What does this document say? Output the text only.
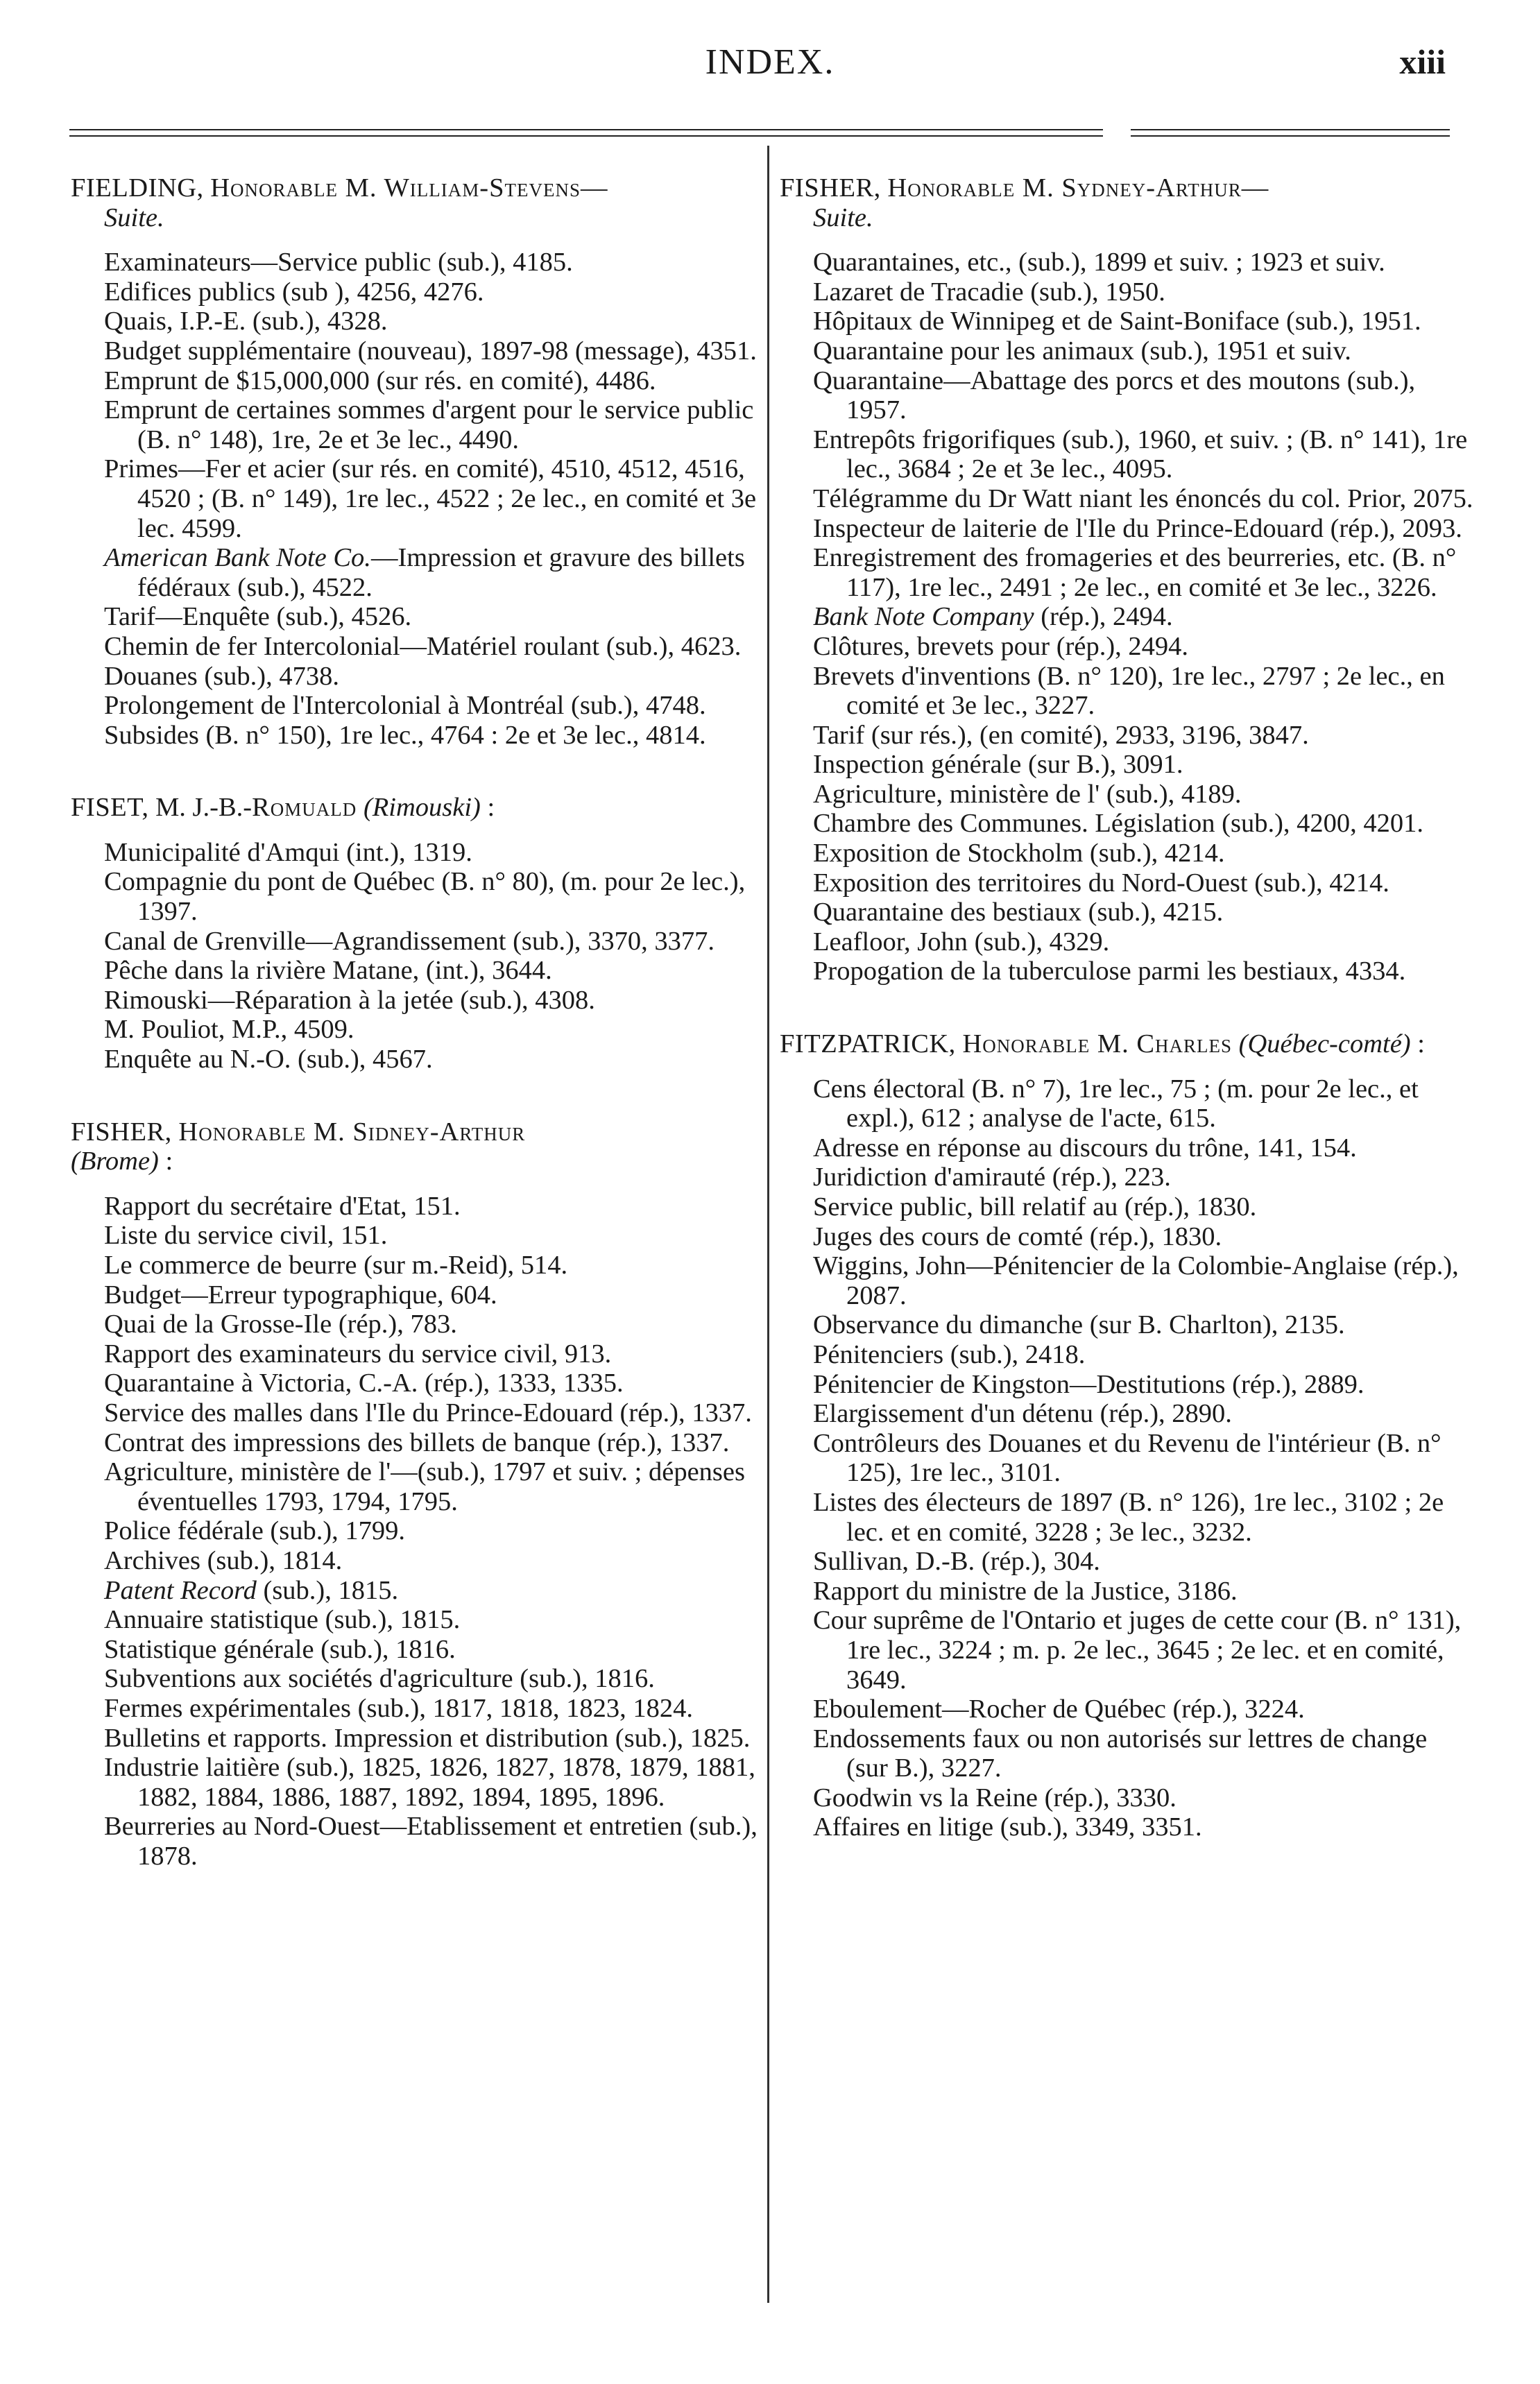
INDEX.	xiii

FIELDING, Honorable M. William-Stevens—
Suite.

Examinateurs—Service public (sub.), 4185.

Edifices publics (sub ), 4256, 4276.

Quais, I.P.-E. (sub.), 4328.

Budget supplémentaire (nouveau), 1897-98 (message), 4351.

Emprunt de $15,000,000 (sur rés. en comité), 4486.

Emprunt de certaines sommes d'argent pour le service public (B. n° 148), 1re, 2e et 3e lec., 4490.

Primes—Fer et acier (sur rés. en comité), 4510, 4512, 4516, 4520 ; (B. n° 149), 1re lec., 4522 ; 2e lec., en comité et 3e lec. 4599.

American Bank Note Co.—Impression et gravure des billets fédéraux (sub.), 4522.

Tarif—Enquête (sub.), 4526.

Chemin de fer Intercolonial—Matériel roulant (sub.), 4623.

Douanes (sub.), 4738.

Prolongement de l'Intercolonial à Montréal (sub.), 4748.

Subsides (B. n° 150), 1re lec., 4764 : 2e et 3e lec., 4814.

FISET, M. J.-B.-Romuald (Rimouski) :

Municipalité d'Amqui (int.), 1319.

Compagnie du pont de Québec (B. n° 80), (m. pour 2e lec.), 1397.

Canal de Grenville—Agrandissement (sub.), 3370, 3377.

Pêche dans la rivière Matane, (int.), 3644.

Rimouski—Réparation à la jetée (sub.), 4308.

M. Pouliot, M.P., 4509.

Enquête au N.-O. (sub.), 4567.

FISHER, Honorable M. Sidney-Arthur
(Brome) :

Rapport du secrétaire d'Etat, 151.

Liste du service civil, 151.

Le commerce de beurre (sur m.-Reid), 514.

Budget—Erreur typographique, 604.

Quai de la Grosse-Ile (rép.), 783.

Rapport des examinateurs du service civil, 913.

Quarantaine à Victoria, C.-A. (rép.), 1333, 1335.

Service des malles dans l'Ile du Prince-Edouard (rép.), 1337.

Contrat des impressions des billets de banque (rép.), 1337.

Agriculture, ministère de l'—(sub.), 1797 et suiv. ; dépenses éventuelles 1793, 1794, 1795.

Police fédérale (sub.), 1799.

Archives (sub.), 1814.

Patent Record (sub.), 1815.

Annuaire statistique (sub.), 1815.

Statistique générale (sub.), 1816.

Subventions aux sociétés d'agriculture (sub.), 1816.

Fermes expérimentales (sub.), 1817, 1818, 1823, 1824.

Bulletins et rapports. Impression et distribution (sub.), 1825.

Industrie laitière (sub.), 1825, 1826, 1827, 1878, 1879, 1881, 1882, 1884, 1886, 1887, 1892, 1894, 1895, 1896.

Beurreries au Nord-Ouest—Etablissement et entretien (sub.), 1878.

FISHER, Honorable M. Sydney-Arthur—
Suite.

Quarantaines, etc., (sub.), 1899 et suiv. ; 1923 et suiv.

Lazaret de Tracadie (sub.), 1950.

Hôpitaux de Winnipeg et de Saint-Boniface (sub.), 1951.

Quarantaine pour les animaux (sub.), 1951 et suiv.

Quarantaine—Abattage des porcs et des moutons (sub.), 1957.

Entrepôts frigorifiques (sub.), 1960, et suiv. ; (B. n° 141), 1re lec., 3684 ; 2e et 3e lec., 4095.

Télégramme du Dr Watt niant les énoncés du col. Prior, 2075.

Inspecteur de laiterie de l'Ile du Prince-Edouard (rép.), 2093.

Enregistrement des fromageries et des beurreries, etc. (B. n° 117), 1re lec., 2491 ; 2e lec., en comité et 3e lec., 3226.

Bank Note Company (rép.), 2494.

Clôtures, brevets pour (rép.), 2494.

Brevets d'inventions (B. n° 120), 1re lec., 2797 ; 2e lec., en comité et 3e lec., 3227.

Tarif (sur rés.), (en comité), 2933, 3196, 3847.

Inspection générale (sur B.), 3091.

Agriculture, ministère de l' (sub.), 4189.

Chambre des Communes. Législation (sub.), 4200, 4201.

Exposition de Stockholm (sub.), 4214.

Exposition des territoires du Nord-Ouest (sub.), 4214.

Quarantaine des bestiaux (sub.), 4215.

Leafloor, John (sub.), 4329.

Propogation de la tuberculose parmi les bestiaux, 4334.

FITZPATRICK, Honorable M. Charles (Québec-comté) :

Cens électoral (B. n° 7), 1re lec., 75 ; (m. pour 2e lec., et expl.), 612 ; analyse de l'acte, 615.

Adresse en réponse au discours du trône, 141, 154.

Juridiction d'amirauté (rép.), 223.

Service public, bill relatif au (rép.), 1830.

Juges des cours de comté (rép.), 1830.

Wiggins, John—Pénitencier de la Colombie-Anglaise (rép.), 2087.

Observance du dimanche (sur B. Charlton), 2135.

Pénitenciers (sub.), 2418.

Pénitencier de Kingston—Destitutions (rép.), 2889.

Elargissement d'un détenu (rép.), 2890.

Contrôleurs des Douanes et du Revenu de l'intérieur (B. n° 125), 1re lec., 3101.

Listes des électeurs de 1897 (B. n° 126), 1re lec., 3102 ; 2e lec. et en comité, 3228 ; 3e lec., 3232.

Sullivan, D.-B. (rép.), 304.

Rapport du ministre de la Justice, 3186.

Cour suprême de l'Ontario et juges de cette cour (B. n° 131), 1re lec., 3224 ; m. p. 2e lec., 3645 ; 2e lec. et en comité, 3649.

Eboulement—Rocher de Québec (rép.), 3224.

Endossements faux ou non autorisés sur lettres de change (sur B.), 3227.

Goodwin vs la Reine (rép.), 3330.

Affaires en litige (sub.), 3349, 3351.
